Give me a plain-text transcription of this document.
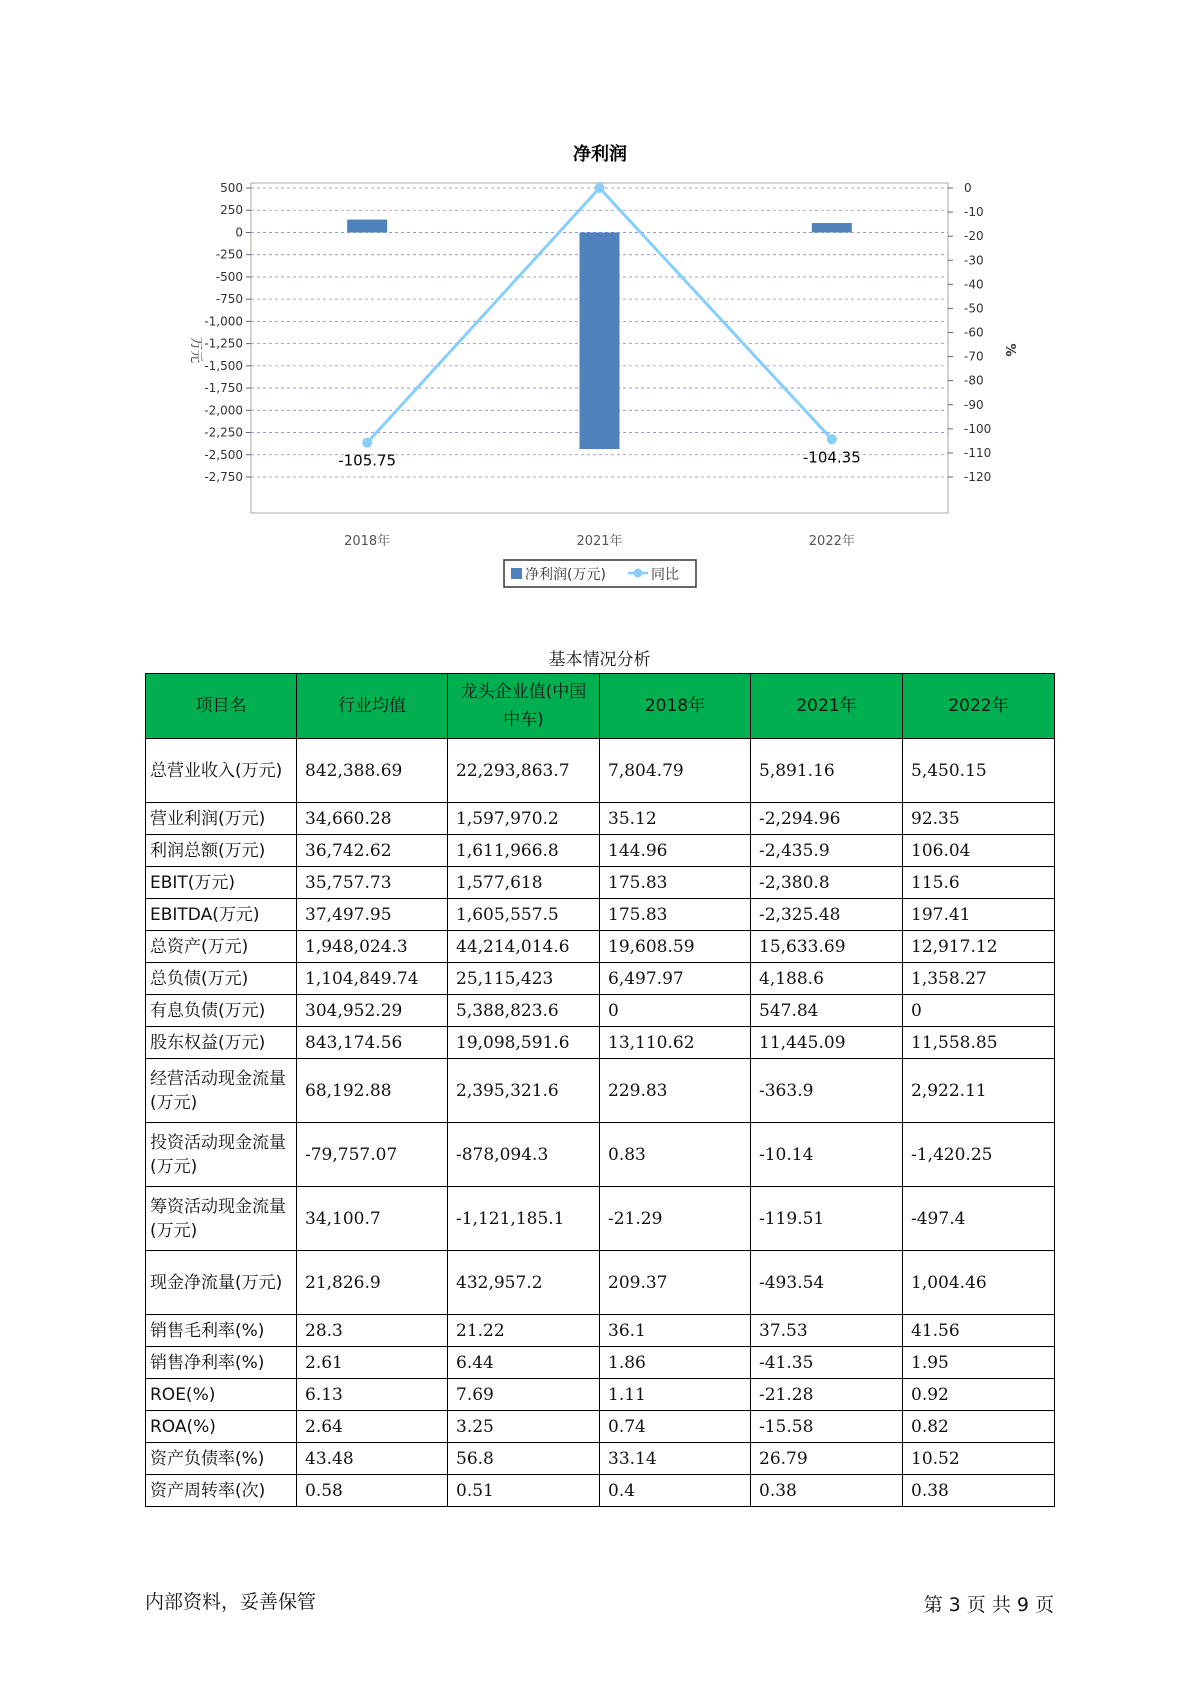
净利润
-105.75	-104.35
500
250
0
-250
-500
-750
-1,000
-1,250
-1,500
-1,750
-2,000
-2,250
-2,500
-2,750
0
-10
-20
-30
-40
-50
-60
-70
-80
-90
-100
-110
-120
2018年	2021年	2022年
万元	%
净利润(万元)	同比
基本情况分析
项目名	行业均值	龙头企业值(中国中车)	2018年	2021年	2022年
总营业收入(万元)	842,388.69	22,293,863.7	7,804.79	5,891.16	5,450.15
营业利润(万元)	34,660.28	1,597,970.2	35.12	-2,294.96	92.35
利润总额(万元)	36,742.62	1,611,966.8	144.96	-2,435.9	106.04
EBIT(万元)	35,757.73	1,577,618	175.83	-2,380.8	115.6
EBITDA(万元)	37,497.95	1,605,557.5	175.83	-2,325.48	197.41
总资产(万元)	1,948,024.3	44,214,014.6	19,608.59	15,633.69	12,917.12
总负债(万元)	1,104,849.74	25,115,423	6,497.97	4,188.6	1,358.27
有息负债(万元)	304,952.29	5,388,823.6	0	547.84	0
股东权益(万元)	843,174.56	19,098,591.6	13,110.62	11,445.09	11,558.85
经营活动现金流量(万元)	68,192.88	2,395,321.6	229.83	-363.9	2,922.11
投资活动现金流量(万元)	-79,757.07	-878,094.3	0.83	-10.14	-1,420.25
筹资活动现金流量(万元)	34,100.7	-1,121,185.1	-21.29	-119.51	-497.4
现金净流量(万元)	21,826.9	432,957.2	209.37	-493.54	1,004.46
销售毛利率(%)	28.3	21.22	36.1	37.53	41.56
销售净利率(%)	2.61	6.44	1.86	-41.35	1.95
ROE(%)	6.13	7.69	1.11	-21.28	0.92
ROA(%)	2.64	3.25	0.74	-15.58	0.82
资产负债率(%)	43.48	56.8	33.14	26.79	10.52
资产周转率(次)	0.58	0.51	0.4	0.38	0.38
内部资料，妥善保管	第 3 页 共 9 页
